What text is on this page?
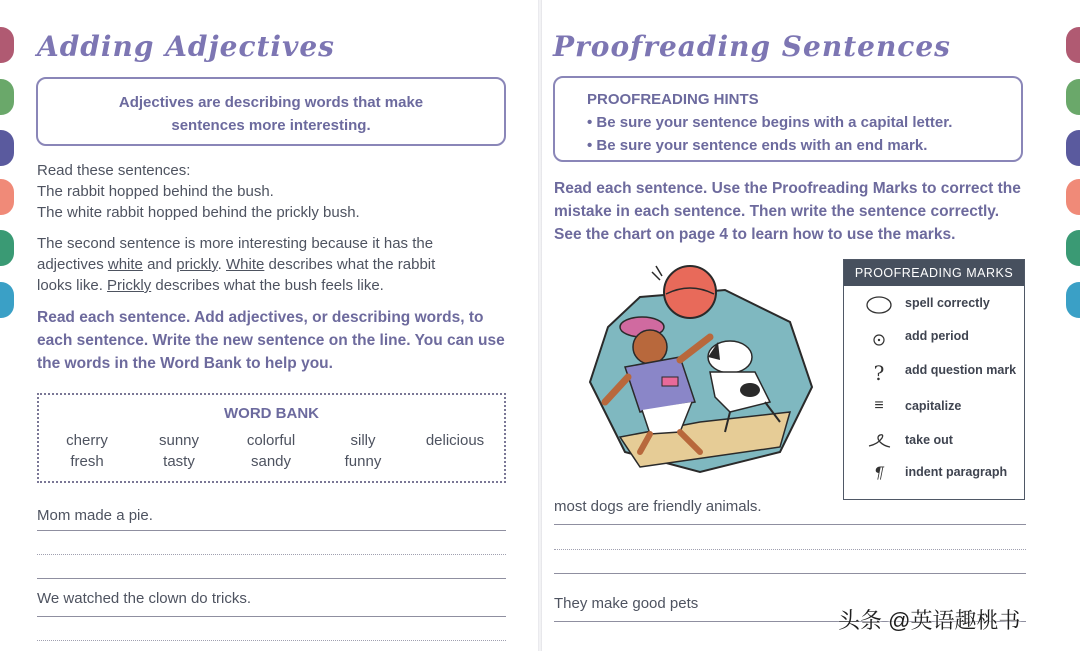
Adding Adjectives
Adjectives are describing words that make sentences more interesting.
Read these sentences:
The rabbit hopped behind the bush.
The white rabbit hopped behind the prickly bush.
The second sentence is more interesting because it has the
adjectives white and prickly. White describes what the rabbit
looks like. Prickly describes what the bush feels like.
Read each sentence. Add adjectives, or describing words, to
each sentence. Write the new sentence on the line. You can use
the words in the Word Bank to help you.
WORD BANK
cherry	sunny	colorful	silly	delicious
fresh	tasty	sandy	funny
Mom made a pie.
We watched the clown do tricks.
Proofreading Sentences
PROOFREADING HINTS
• Be sure your sentence begins with a capital letter.
• Be sure your sentence ends with an end mark.
Read each sentence. Use the Proofreading Marks to correct the
mistake in each sentence. Then write the sentence correctly.
See the chart on page 4 to learn how to use the marks.
PROOFREADING MARKS
spell correctly
add period
?	add question mark
≡	capitalize
take out
¶	indent paragraph
most dogs are friendly animals.
They make good pets
头条 @英语趣桃书
